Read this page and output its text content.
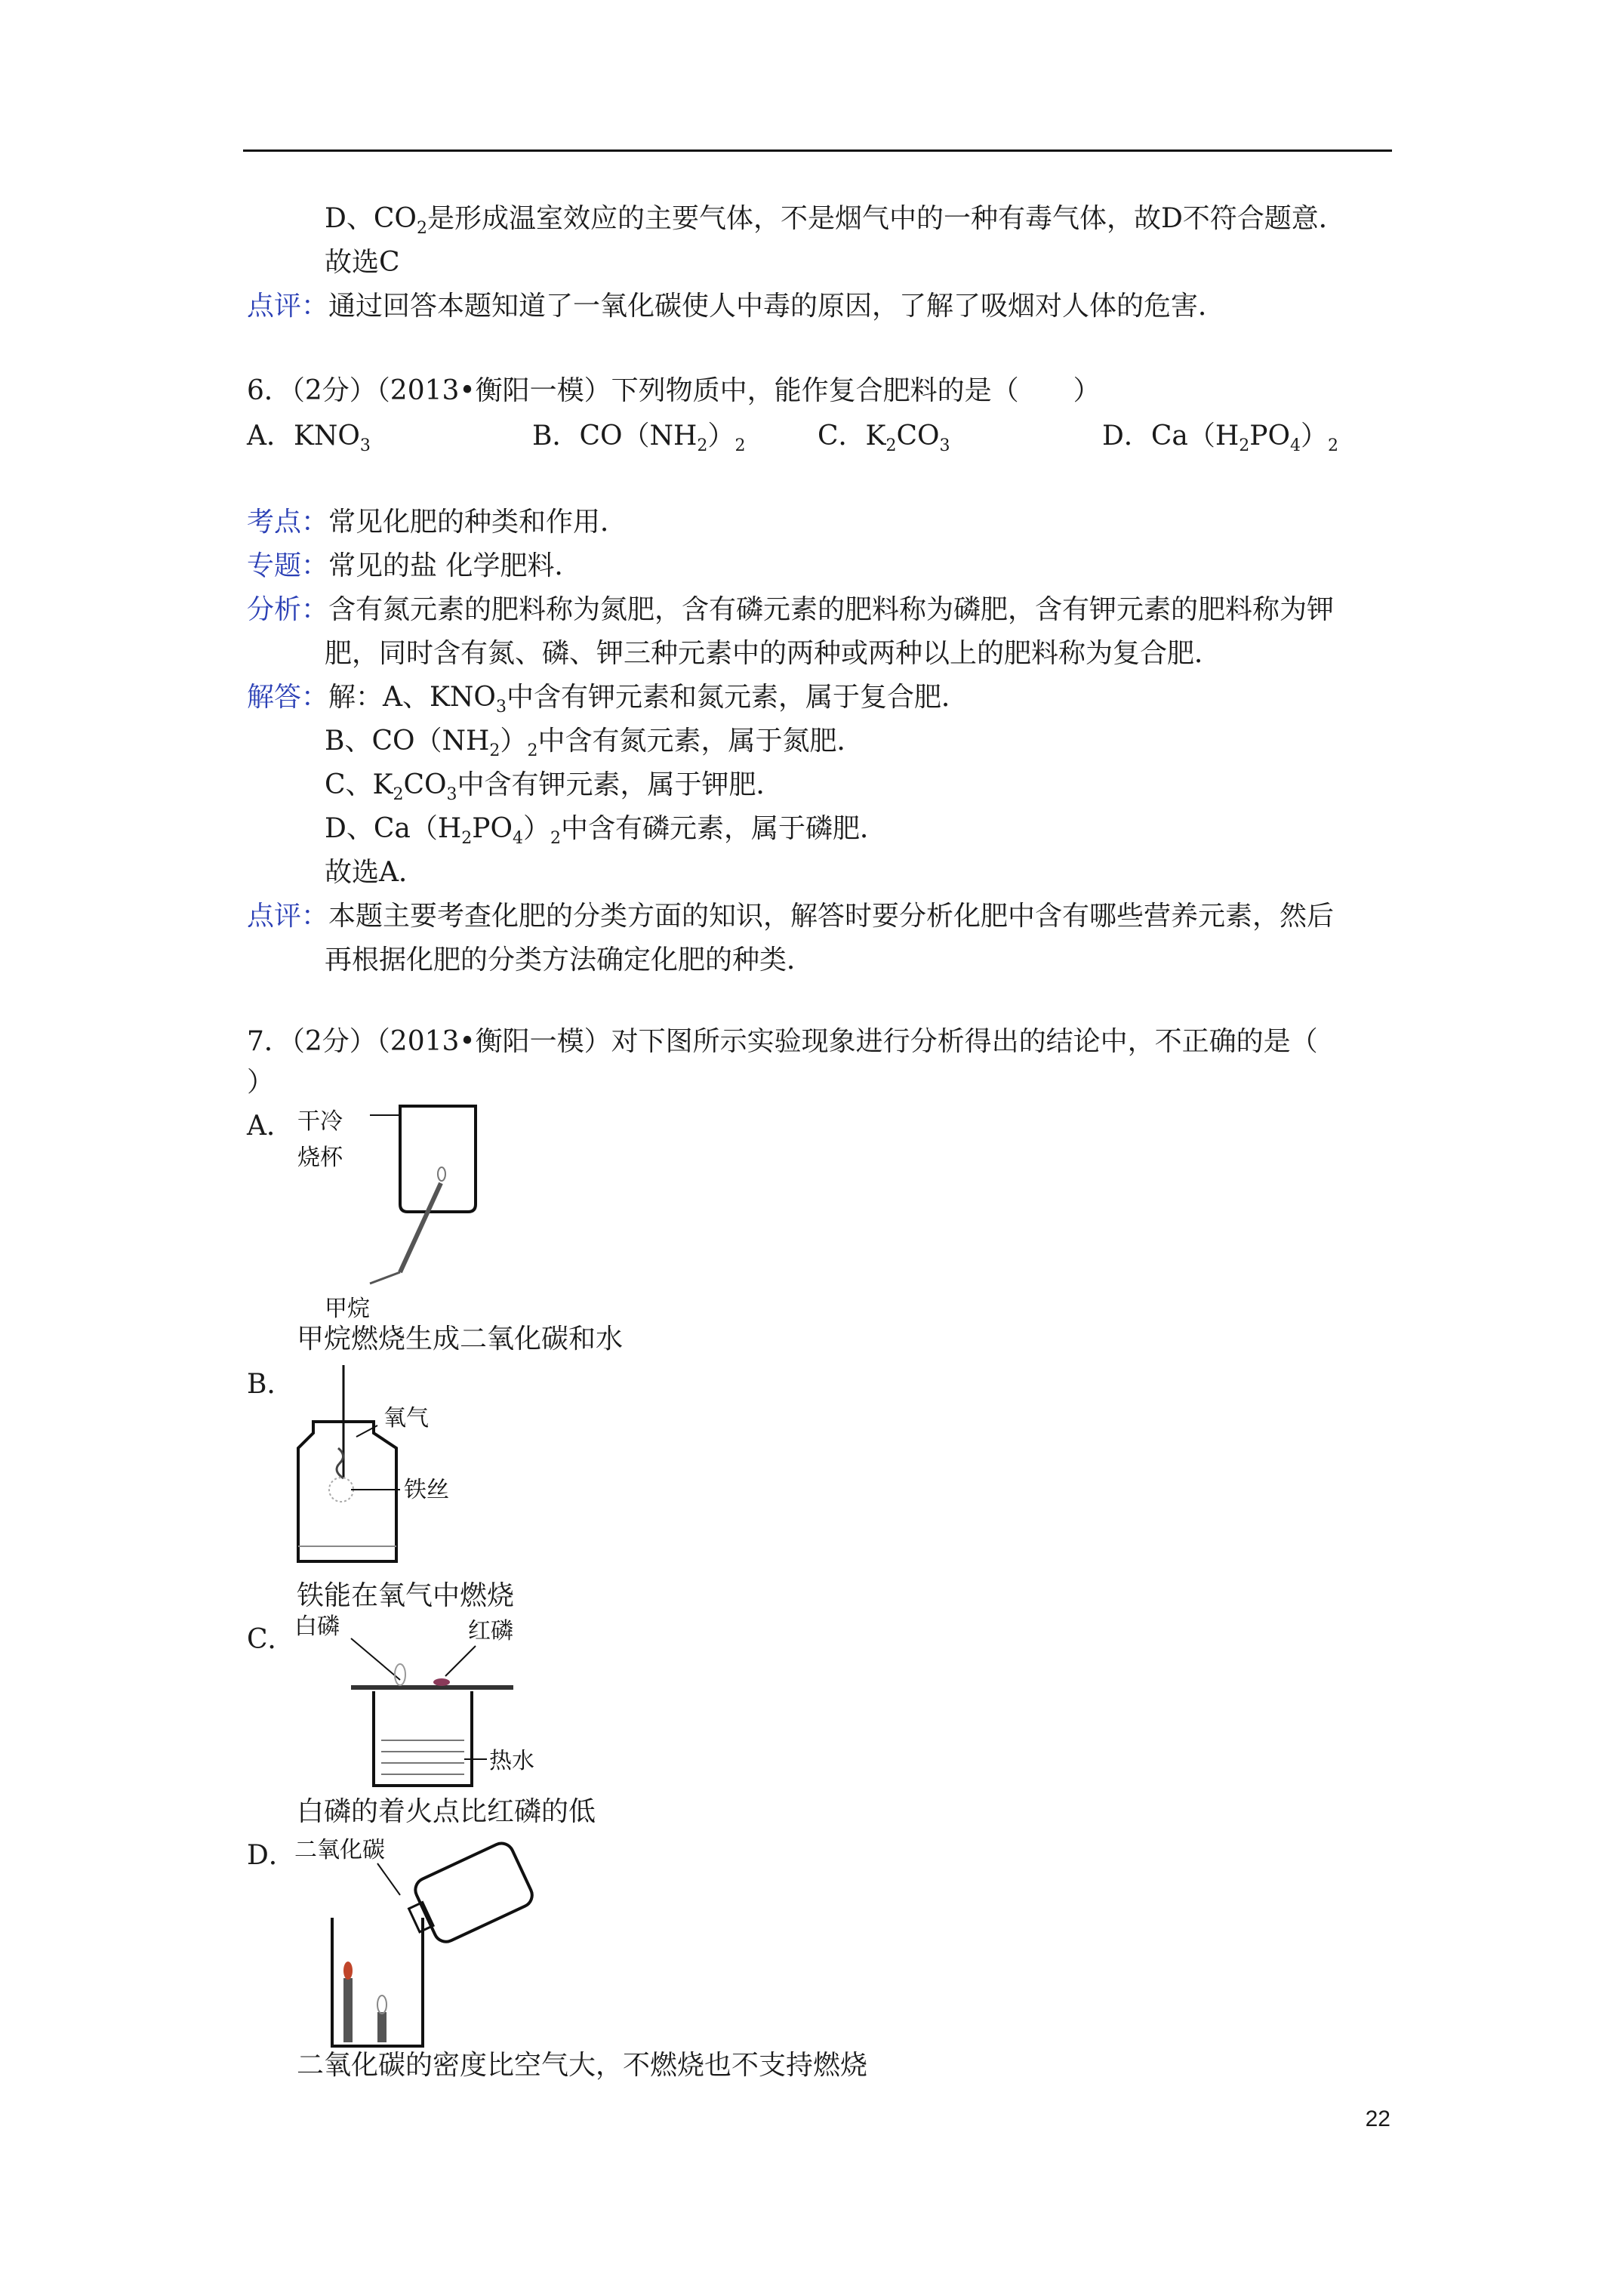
D、$CO_2$是形成温室效应的主要气体，不是烟气中的一种有毒气体，故D不符合题意．
故选C
点评：通过回答本题知道了一氧化碳使人中毒的原因，了解了吸烟对人体的危害．
6．（2分）（2013•衡阳一模）下列物质中，能作复合肥料的是（　　）
A．$KNO_3$	B．$CO(NH_2)_2$	C．$K_2CO_3$	D．$Ca(H_2PO_4)_2$
考点：常见化肥的种类和作用．
专题：常见的盐 化学肥料．
分析：含有氮元素的肥料称为氮肥，含有磷元素的肥料称为磷肥，含有钾元素的肥料称为钾
肥，同时含有氮、磷、钾三种元素中的两种或两种以上的肥料称为复合肥．
解答：解：A、$KNO_3$中含有钾元素和氮元素，属于复合肥．
B、$CO(NH_2)_2$中含有氮元素，属于氮肥．
C、$K_2CO_3$中含有钾元素，属于钾肥．
D、$Ca(H_2PO_4)_2$中含有磷元素，属于磷肥．
故选A．
点评：本题主要考查化肥的分类方面的知识，解答时要分析化肥中含有哪些营养元素，然后
再根据化肥的分类方法确定化肥的种类．
7．（2分）（2013•衡阳一模）对下图所示实验现象进行分析得出的结论中，不正确的是（
）
A． 干冷
烧杯
甲烷
甲烷燃烧生成二氧化碳和水
B．
氧气
铁丝
铁能在氧气中燃烧
C． 白磷	红磷
热水
白磷的着火点比红磷的低
D．
二氧化碳
二氧化碳的密度比空气大，不燃烧也不支持燃烧
22
